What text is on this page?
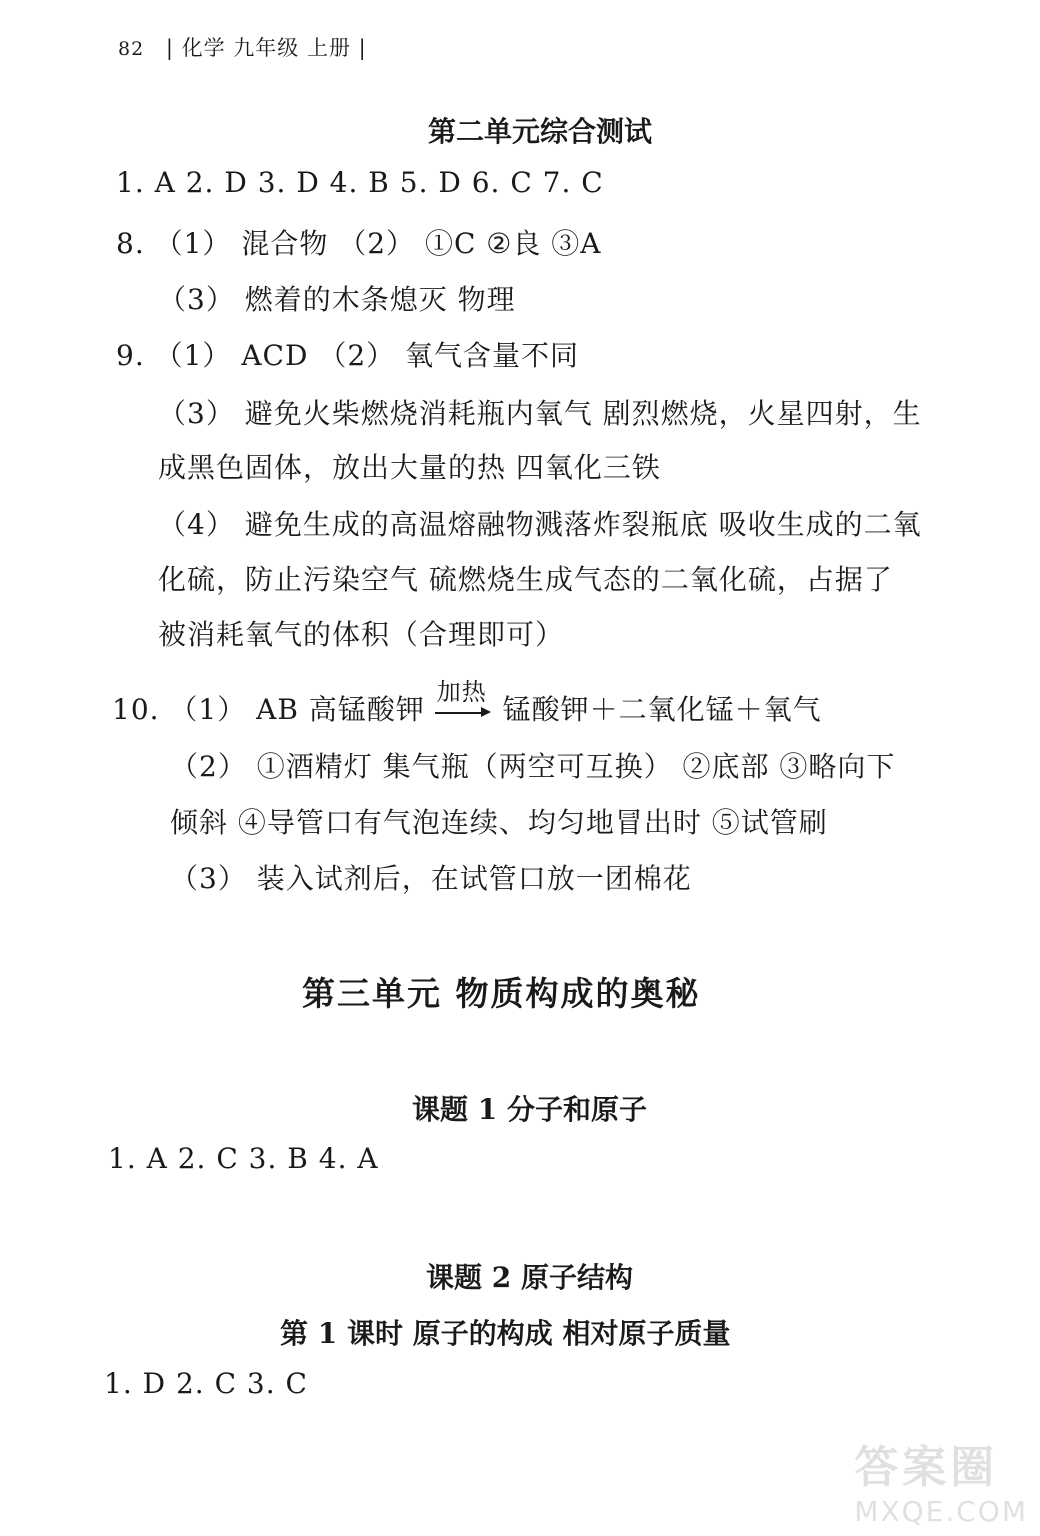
82 | 化学 九年级 上册 |
第二单元综合测试
1. A 2. D 3. D 4. B 5. D 6. C 7. C
8. （1） 混合物 （2） ①C ②良 ③A
（3） 燃着的木条熄灭 物理
9. （1） ACD （2） 氧气含量不同
（3） 避免火柴燃烧消耗瓶内氧气 剧烈燃烧，火星四射，生
成黑色固体，放出大量的热 四氧化三铁
（4） 避免生成的高温熔融物溅落炸裂瓶底 吸收生成的二氧
化硫，防止污染空气 硫燃烧生成气态的二氧化硫，占据了
被消耗氧气的体积（合理即可）
10. （1） AB 高锰酸钾
加热
锰酸钾＋二氧化锰＋氧气
（2） ①酒精灯 集气瓶（两空可互换） ②底部 ③略向下
倾斜 ④导管口有气泡连续、均匀地冒出时 ⑤试管刷
（3） 装入试剂后，在试管口放一团棉花
第三单元 物质构成的奥秘
课题 1 分子和原子
1. A 2. C 3. B 4. A
课题 2 原子结构
第 1 课时 原子的构成 相对原子质量
1. D 2. C 3. C
答案圈
MXQE.COM
